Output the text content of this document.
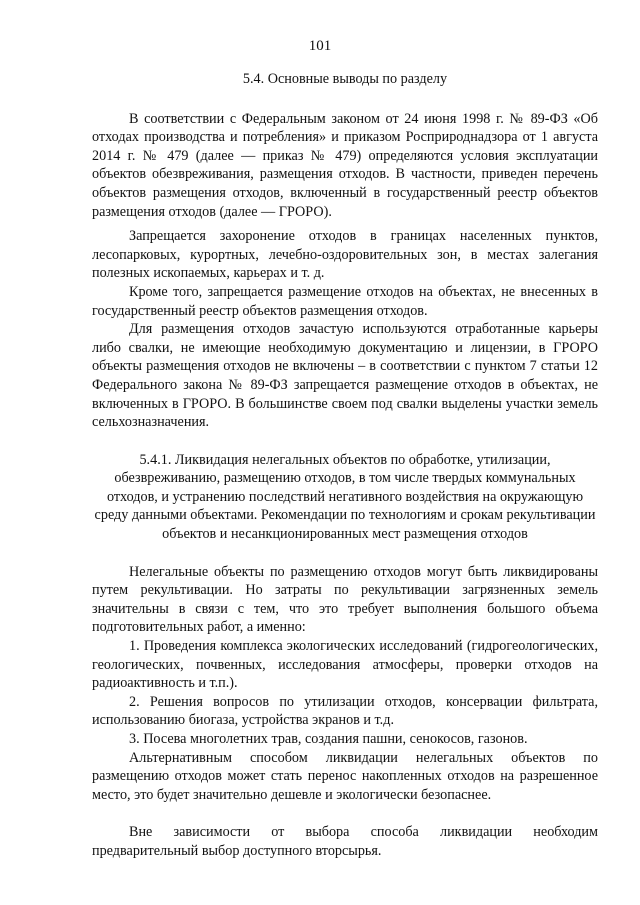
101
5.4. Основные выводы по разделу

В соответствии с Федеральным законом от 24 июня 1998 г. № 89-ФЗ «Об отходах производства и потребления» и приказом Росприроднадзора от 1 августа 2014 г. № 479 (далее — приказ № 479) определяются условия эксплуатации объектов обезвреживания, размещения отходов. В частности, приведен перечень объектов размещения отходов, включенный в государственный реестр объектов размещения отходов (далее — ГРОРО).

Запрещается захоронение отходов в границах населенных пунктов, лесопарковых, курортных, лечебно-оздоровительных зон, в местах залегания полезных ископаемых, карьерах и т. д.

Кроме того, запрещается размещение отходов на объектах, не внесенных в государственный реестр объектов размещения отходов.

Для размещения отходов зачастую используются отработанные карьеры либо свалки, не имеющие необходимую документацию и лицензии, в ГРОРО объекты размещения отходов не включены – в соответствии с пунктом 7 статьи 12 Федерального закона № 89-ФЗ запрещается размещение отходов в объектах, не включенных в ГРОРО. В большинстве своем под свалки выделены участки земель сельхозназначения.

5.4.1. Ликвидация нелегальных объектов по обработке, утилизации, обезвреживанию, размещению отходов, в том числе твердых коммунальных отходов, и устранению последствий негативного воздействия на окружающую среду данными объектами. Рекомендации по технологиям и срокам рекультивации объектов и несанкционированных мест размещения отходов

Нелегальные объекты по размещению отходов могут быть ликвидированы путем рекультивации. Но затраты по рекультивации загрязненных земель значительны в связи с тем, что это требует выполнения большого объема подготовительных работ, а именно:

1. Проведения комплекса экологических исследований (гидрогеологических, геологических, почвенных, исследования атмосферы, проверки отходов на радиоактивность и т.п.).

2. Решения вопросов по утилизации отходов, консервации фильтрата, использованию биогаза, устройства экранов и т.д.

3. Посева многолетних трав, создания пашни, сенокосов, газонов.

Альтернативным способом ликвидации нелегальных объектов по размещению отходов может стать перенос накопленных отходов на разрешенное место, это будет значительно дешевле и экологически безопаснее.

Вне зависимости от выбора способа ликвидации необходим предварительный выбор доступного вторсырья.
